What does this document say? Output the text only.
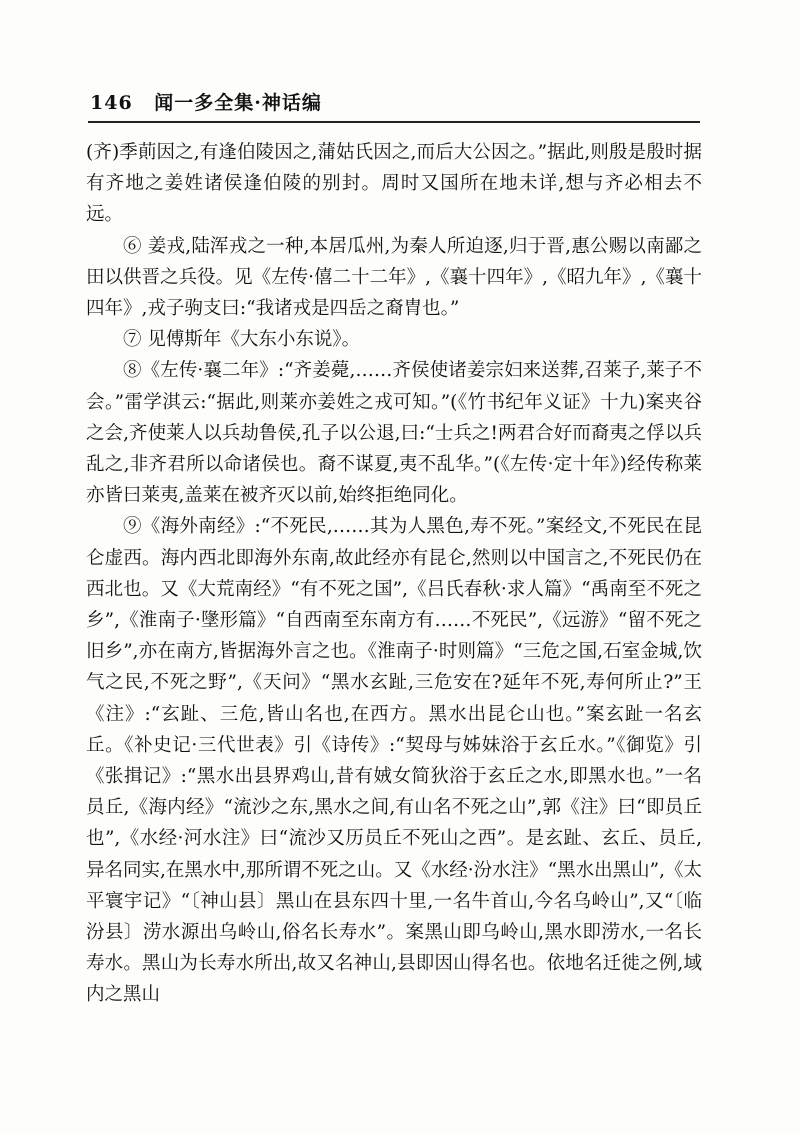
146 闻一多全集·神话编

(齐)季萴因之,有逢伯陵因之,蒲姑氏因之,而后大公因之。”据此,则殷是殷时据有齐地之姜姓诸侯逢伯陵的别封。周时又国所在地未详,想与齐必相去不远。

⑥ 姜戎,陆浑戎之一种,本居瓜州,为秦人所迫逐,归于晋,惠公赐以南鄙之田以供晋之兵役。见《左传·僖二十二年》,《襄十四年》,《昭九年》,《襄十四年》,戎子驹支曰:“我诸戎是四岳之裔胄也。”

⑦ 见傅斯年《大东小东说》。

⑧《左传·襄二年》:“齐姜薨,……齐侯使诸姜宗妇来送葬,召莱子,莱子不会。”雷学淇云:“据此,则莱亦姜姓之戎可知。”(《竹书纪年义证》十九)案夹谷之会,齐使莱人以兵劫鲁侯,孔子以公退,曰:“士兵之!两君合好而裔夷之俘以兵乱之,非齐君所以命诸侯也。裔不谋夏,夷不乱华。”(《左传·定十年》)经传称莱亦皆曰莱夷,盖莱在被齐灭以前,始终拒绝同化。

⑨《海外南经》:“不死民,……其为人黑色,寿不死。”案经文,不死民在昆仑虚西。海内西北即海外东南,故此经亦有昆仑,然则以中国言之,不死民仍在西北也。又《大荒南经》“有不死之国”,《吕氏春秋·求人篇》“禹南至不死之乡”,《淮南子·墬形篇》“自西南至东南方有……不死民”,《远游》“留不死之旧乡”,亦在南方,皆据海外言之也。《淮南子·时则篇》“三危之国,石室金城,饮气之民,不死之野”,《天问》“黑水玄趾,三危安在?延年不死,寿何所止?”王《注》:“玄趾、三危,皆山名也,在西方。黑水出昆仑山也。”案玄趾一名玄丘。《补史记·三代世表》引《诗传》:“契母与姊妹浴于玄丘水。”《御览》引《张揖记》:“黑水出县界鸡山,昔有娀女简狄浴于玄丘之水,即黑水也。”一名员丘,《海内经》“流沙之东,黑水之间,有山名不死之山”,郭《注》曰“即员丘也”,《水经·河水注》曰“流沙又历员丘不死山之西”。是玄趾、玄丘、员丘,异名同实,在黑水中,那所谓不死之山。又《水经·汾水注》“黑水出黑山”,《太平寰宇记》“〔神山县〕黑山在县东四十里,一名牛首山,今名乌岭山”,又“〔临汾县〕涝水源出乌岭山,俗名长寿水”。案黑山即乌岭山,黑水即涝水,一名长寿水。黑山为长寿水所出,故又名神山,县即因山得名也。依地名迁徙之例,域内之黑山
